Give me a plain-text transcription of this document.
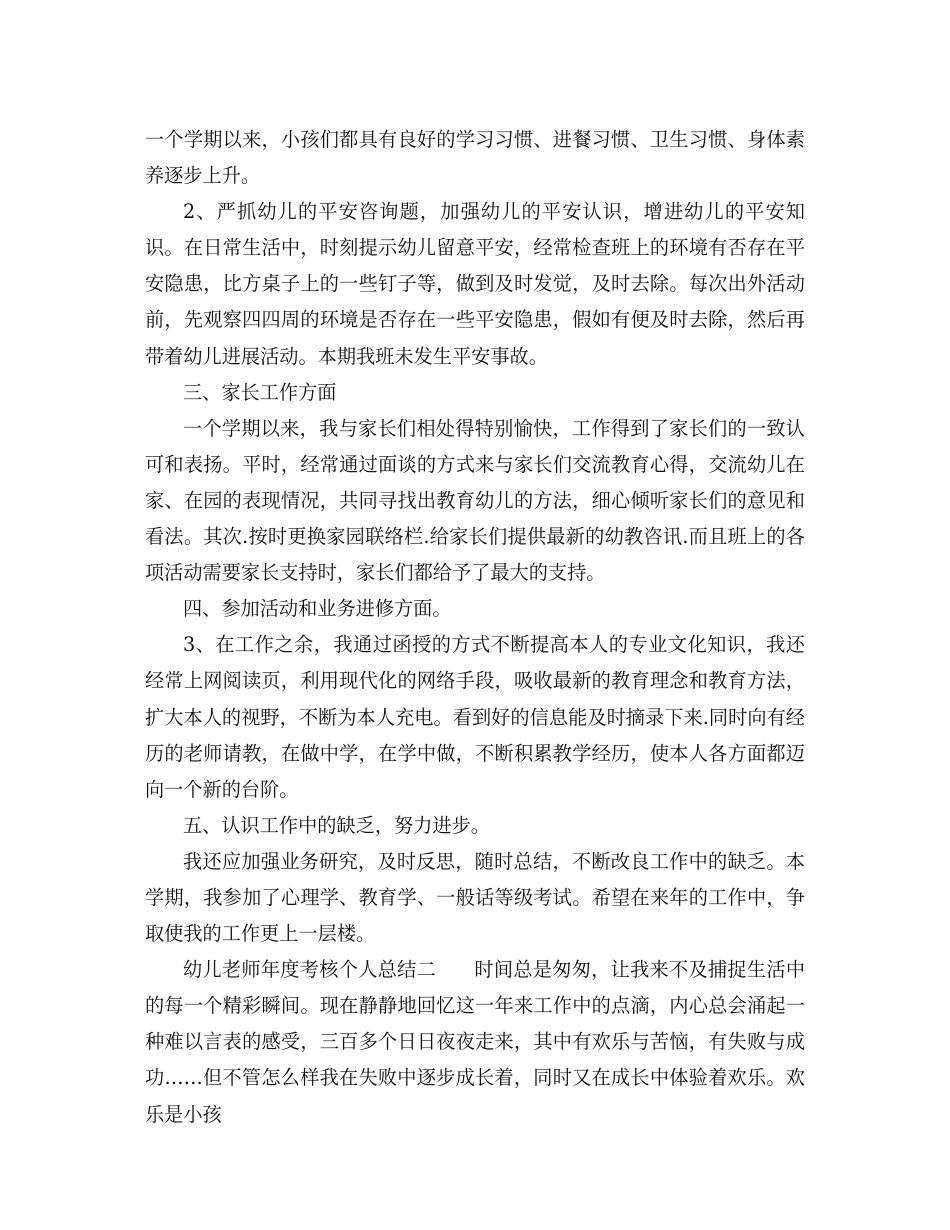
一个学期以来，小孩们都具有良好的学习习惯、进餐习惯、卫生习惯、身体素养逐步上升。

2、严抓幼儿的平安咨询题，加强幼儿的平安认识，增进幼儿的平安知识。在日常生活中，时刻提示幼儿留意平安，经常检查班上的环境有否存在平安隐患，比方桌子上的一些钉子等，做到及时发觉，及时去除。每次出外活动前，先观察四四周的环境是否存在一些平安隐患，假如有便及时去除，然后再带着幼儿进展活动。本期我班未发生平安事故。

三、家长工作方面

一个学期以来，我与家长们相处得特别愉快，工作得到了家长们的一致认可和表扬。平时，经常通过面谈的方式来与家长们交流教育心得，交流幼儿在家、在园的表现情况，共同寻找出教育幼儿的方法，细心倾听家长们的意见和看法。其次.按时更换家园联络栏.给家长们提供最新的幼教咨讯.而且班上的各项活动需要家长支持时，家长们都给予了最大的支持。

四、参加活动和业务进修方面。

3、在工作之余，我通过函授的方式不断提高本人的专业文化知识，我还经常上网阅读页，利用现代化的网络手段，吸收最新的教育理念和教育方法，扩大本人的视野，不断为本人充电。看到好的信息能及时摘录下来.同时向有经历的老师请教，在做中学，在学中做，不断积累教学经历，使本人各方面都迈向一个新的台阶。

五、认识工作中的缺乏，努力进步。

我还应加强业务研究，及时反思，随时总结，不断改良工作中的缺乏。本学期，我参加了心理学、教育学、一般话等级考试。希望在来年的工作中，争取使我的工作更上一层楼。

幼儿老师年度考核个人总结二 时间总是匆匆，让我来不及捕捉生活中的每一个精彩瞬间。现在静静地回忆这一年来工作中的点滴，内心总会涌起一种难以言表的感受，三百多个日日夜夜走来，其中有欢乐与苦恼，有失败与成功……但不管怎么样我在失败中逐步成长着，同时又在成长中体验着欢乐。欢乐是小孩
